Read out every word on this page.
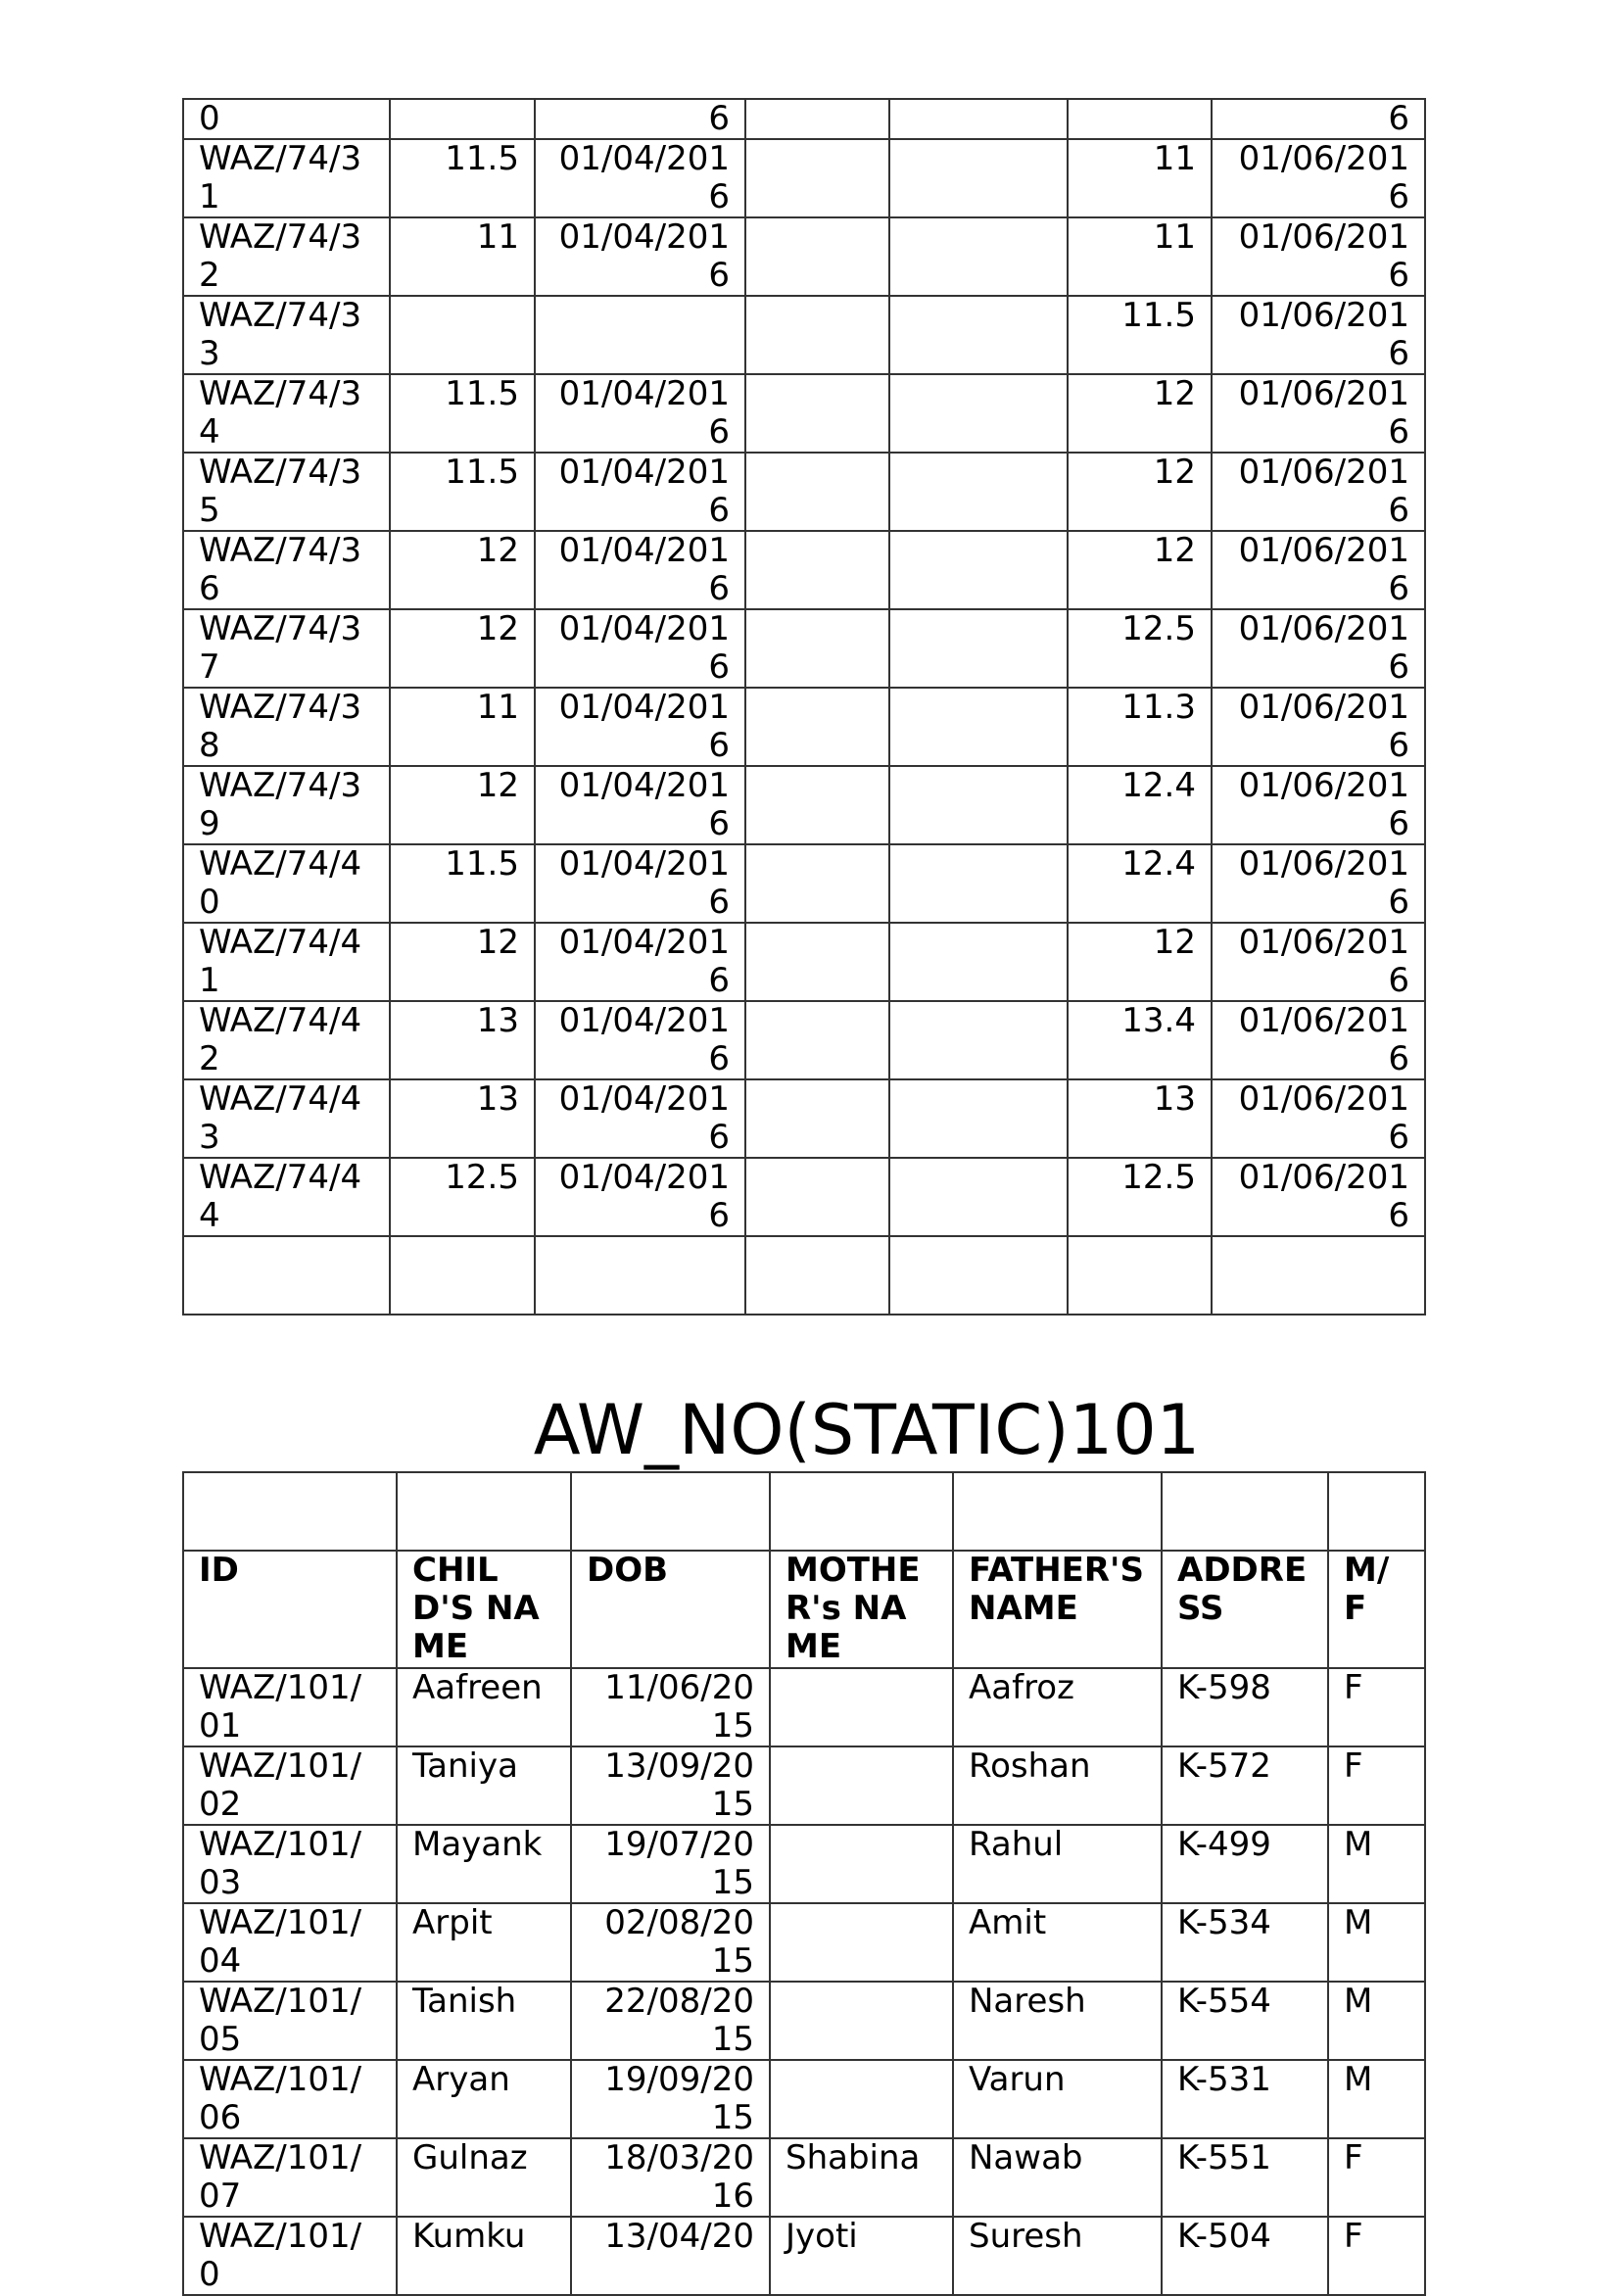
0		6				6
WAZ/74/31	11.5	01/04/2016			11	01/06/2016
WAZ/74/32	11	01/04/2016			11	01/06/2016
WAZ/74/33					11.5	01/06/2016
WAZ/74/34	11.5	01/04/2016			12	01/06/2016
WAZ/74/35	11.5	01/04/2016			12	01/06/2016
WAZ/74/36	12	01/04/2016			12	01/06/2016
WAZ/74/37	12	01/04/2016			12.5	01/06/2016
WAZ/74/38	11	01/04/2016			11.3	01/06/2016
WAZ/74/39	12	01/04/2016			12.4	01/06/2016
WAZ/74/40	11.5	01/04/2016			12.4	01/06/2016
WAZ/74/41	12	01/04/2016			12	01/06/2016
WAZ/74/42	13	01/04/2016			13.4	01/06/2016
WAZ/74/43	13	01/04/2016			13	01/06/2016
WAZ/74/44	12.5	01/04/2016			12.5	01/06/2016

AW_NO(STATIC)101

ID	CHILD'S NAME	DOB	MOTHER's NAME	FATHER'S NAME	ADDRESS	M/F
WAZ/101/01	Aafreen	11/06/2015		Aafroz	K-598	F
WAZ/101/02	Taniya	13/09/2015		Roshan	K-572	F
WAZ/101/03	Mayank	19/07/2015		Rahul	K-499	M
WAZ/101/04	Arpit	02/08/2015		Amit	K-534	M
WAZ/101/05	Tanish	22/08/2015		Naresh	K-554	M
WAZ/101/06	Aryan	19/09/2015		Varun	K-531	M
WAZ/101/07	Gulnaz	18/03/2016	Shabina	Nawab	K-551	F
WAZ/101/0	Kumku	13/04/20	Jyoti	Suresh	K-504	F
